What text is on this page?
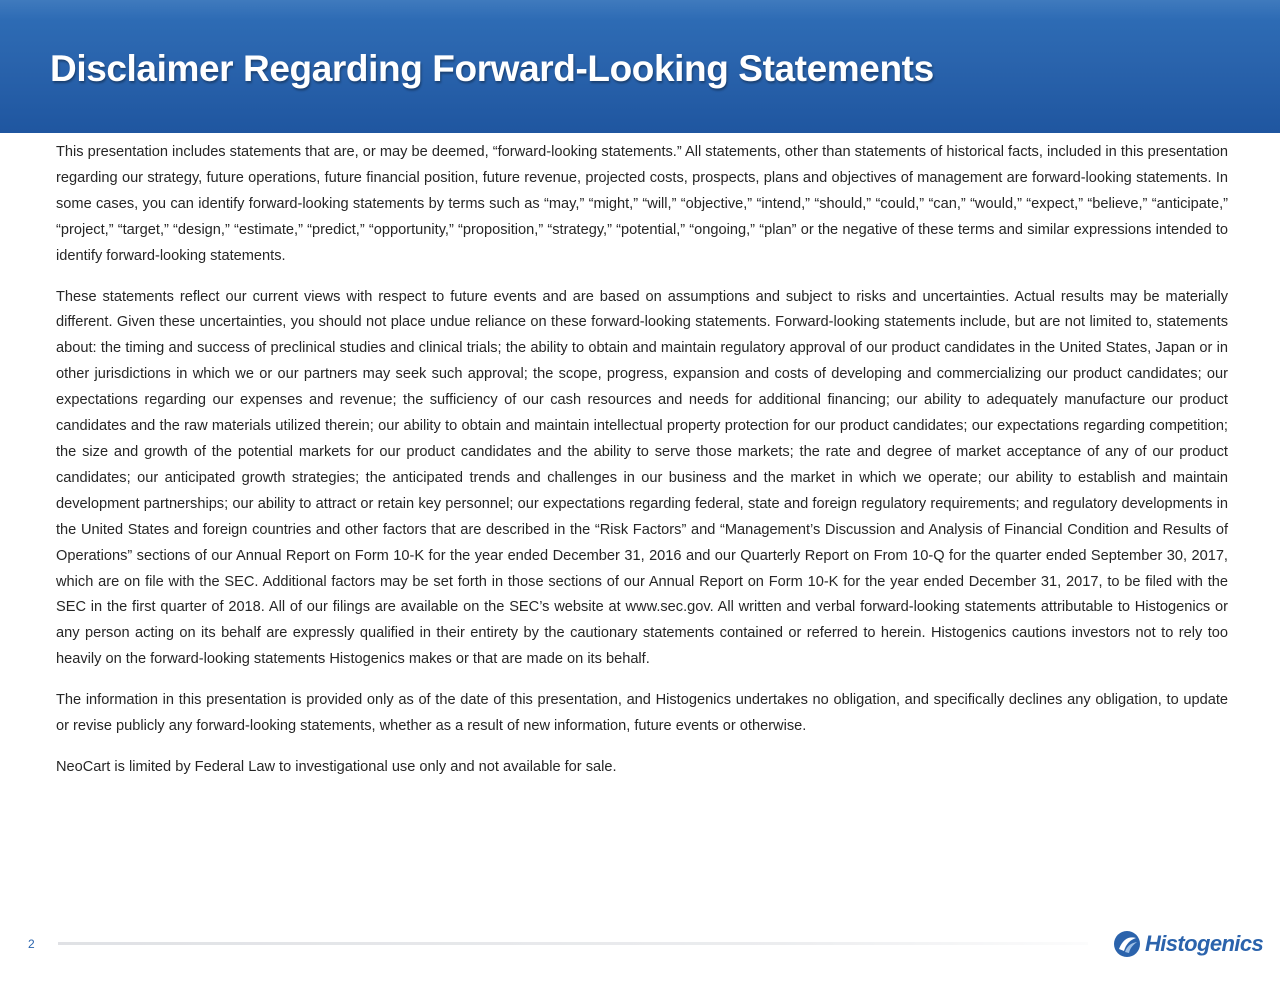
Disclaimer Regarding Forward-Looking Statements

This presentation includes statements that are, or may be deemed, “forward-looking statements.” All statements, other than statements of historical facts, included in this presentation regarding our strategy, future operations, future financial position, future revenue, projected costs, prospects, plans and objectives of management are forward-looking statements. In some cases, you can identify forward-looking statements by terms such as “may,” “might,” “will,” “objective,” “intend,” “should,” “could,” “can,” “would,” “expect,” “believe,” “anticipate,” “project,” “target,” “design,” “estimate,” “predict,” “opportunity,” “proposition,” “strategy,” “potential,” “ongoing,” “plan” or the negative of these terms and similar expressions intended to identify forward-looking statements.

These statements reflect our current views with respect to future events and are based on assumptions and subject to risks and uncertainties. Actual results may be materially different. Given these uncertainties, you should not place undue reliance on these forward-looking statements. Forward-looking statements include, but are not limited to, statements about: the timing and success of preclinical studies and clinical trials; the ability to obtain and maintain regulatory approval of our product candidates in the United States, Japan or in other jurisdictions in which we or our partners may seek such approval; the scope, progress, expansion and costs of developing and commercializing our product candidates; our expectations regarding our expenses and revenue; the sufficiency of our cash resources and needs for additional financing; our ability to adequately manufacture our product candidates and the raw materials utilized therein; our ability to obtain and maintain intellectual property protection for our product candidates; our expectations regarding competition; the size and growth of the potential markets for our product candidates and the ability to serve those markets; the rate and degree of market acceptance of any of our product candidates; our anticipated growth strategies; the anticipated trends and challenges in our business and the market in which we operate; our ability to establish and maintain development partnerships; our ability to attract or retain key personnel; our expectations regarding federal, state and foreign regulatory requirements; and regulatory developments in the United States and foreign countries and other factors that are described in the “Risk Factors” and “Management’s Discussion and Analysis of Financial Condition and Results of Operations” sections of our Annual Report on Form 10-K for the year ended December 31, 2016 and our Quarterly Report on From 10-Q for the quarter ended September 30, 2017, which are on file with the SEC. Additional factors may be set forth in those sections of our Annual Report on Form 10-K for the year ended December 31, 2017, to be filed with the SEC in the first quarter of 2018. All of our filings are available on the SEC’s website at www.sec.gov. All written and verbal forward-looking statements attributable to Histogenics or any person acting on its behalf are expressly qualified in their entirety by the cautionary statements contained or referred to herein. Histogenics cautions investors not to rely too heavily on the forward-looking statements Histogenics makes or that are made on its behalf.

The information in this presentation is provided only as of the date of this presentation, and Histogenics undertakes no obligation, and specifically declines any obligation, to update or revise publicly any forward-looking statements, whether as a result of new information, future events or otherwise.

NeoCart is limited by Federal Law to investigational use only and not available for sale.

2	Histogenics
